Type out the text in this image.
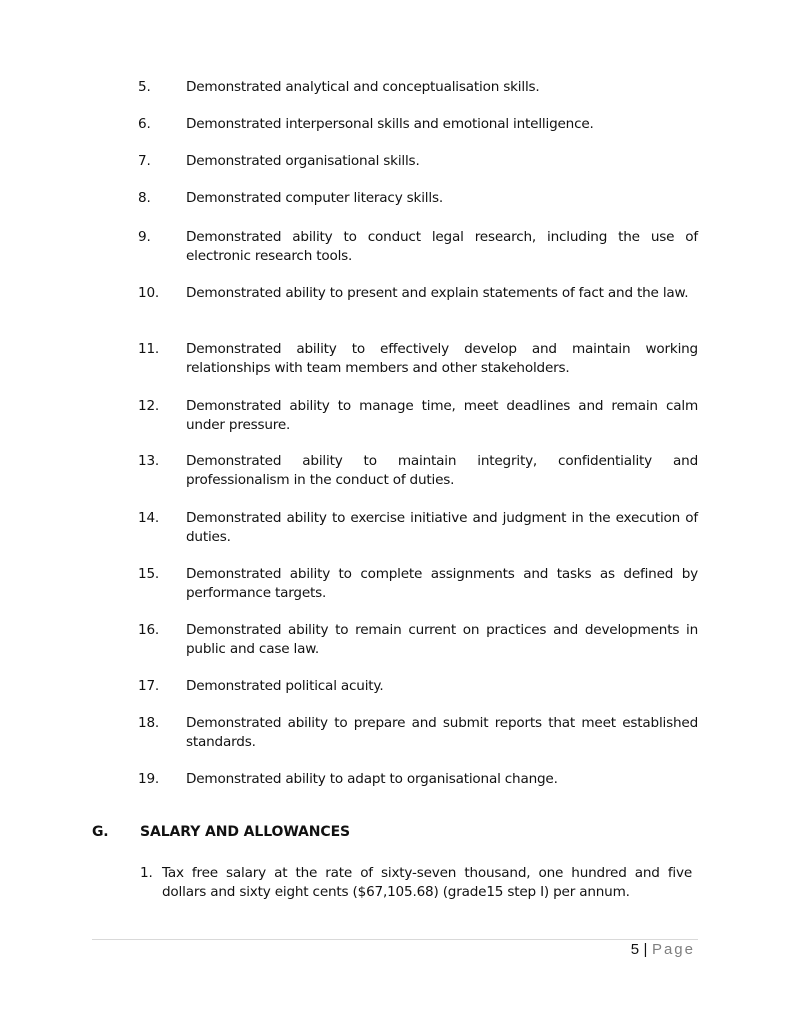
5.	Demonstrated analytical and conceptualisation skills.
6.	Demonstrated interpersonal skills and emotional intelligence.
7.	Demonstrated organisational skills.
8.	Demonstrated computer literacy skills.
9.	Demonstrated ability to conduct legal research, including the use of electronic research tools.
10.	Demonstrated ability to present and explain statements of fact and the law.
11.	Demonstrated ability to effectively develop and maintain working relationships with team members and other stakeholders.
12.	Demonstrated ability to manage time, meet deadlines and remain calm under pressure.
13.	Demonstrated ability to maintain integrity, confidentiality and professionalism in the conduct of duties.
14.	Demonstrated ability to exercise initiative and judgment in the execution of duties.
15.	Demonstrated ability to complete assignments and tasks as defined by performance targets.
16.	Demonstrated ability to remain current on practices and developments in public and case law.
17.	Demonstrated political acuity.
18.	Demonstrated ability to prepare and submit reports that meet established standards.
19.	Demonstrated ability to adapt to organisational change.
G. SALARY AND ALLOWANCES
1. Tax free salary at the rate of sixty-seven thousand, one hundred and five dollars and sixty eight cents ($67,105.68) (grade15 step I) per annum.
5 | Page
